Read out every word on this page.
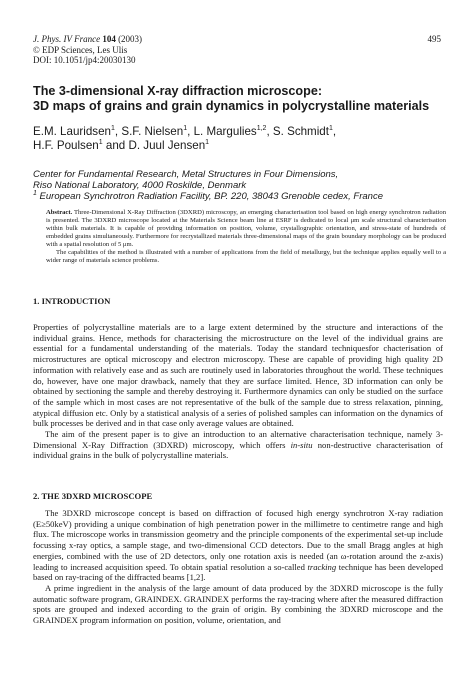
J. Phys. IV France 104 (2003)
© EDP Sciences, Les Ulis
DOI: 10.1051/jp4:20030130
495
The 3-dimensional X-ray diffraction microscope:
3D maps of grains and grain dynamics in polycrystalline materials
E.M. Lauridsen$^1$, S.F. Nielsen$^1$, L. Margulies$^{1,2}$, S. Schmidt$^1$,
H.F. Poulsen$^1$ and D. Juul Jensen$^1$
Center for Fundamental Research, Metal Structures in Four Dimensions,
Riso National Laboratory, 4000 Roskilde, Denmark
$^1$ European Synchrotron Radiation Facility, BP. 220, 38043 Grenoble cedex, France

Abstract. Three-Dimensional X-Ray Diffraction (3DXRD) microscopy, an emerging characterisation tool based on high energy synchrotron radiation is presented. The 3DXRD microscope located at the Materials Science beam line at ESRF is dedicated to local μm scale structural characterisation within bulk materials. It is capable of providing information on position, volume, crystallographic orientation, and stress-state of hundreds of embedded grains simultaneously. Furthermore for recrystallized materials three-dimensional maps of the grain boundary morphology can be produced with a spatial resolution of 5 μm.

The capabilities of the method is illustrated with a number of applications from the field of metallurgy, but the technique applies equally well to a wider range of materials science problems.

1. INTRODUCTION

Properties of polycrystalline materials are to a large extent determined by the structure and interactions of the individual grains. Hence, methods for characterising the microstructure on the level of the individual grains are essential for a fundamental understanding of the materials. Today the standard techniquesfor chacterisation of microstructures are optical microscopy and electron microscopy. These are capable of providing high quality 2D information with relatively ease and as such are routinely used in laboratories throughout the world. These techniques do, however, have one major drawback, namely that they are surface limited. Hence, 3D information can only be obtained by sectioning the sample and thereby destroying it. Furthermore dynamics can only be studied on the surface of the sample which in most cases are not representative of the bulk of the sample due to stress relaxation, pinning, atypical diffusion etc. Only by a statistical analysis of a series of polished samples can information on the dynamics of bulk processes be derived and in that case only average values are obtained.

The aim of the present paper is to give an introduction to an alternative characterisation technique, namely 3-Dimensional X-Ray Diffraction (3DXRD) microscopy, which offers in-situ non-destructive characterisation of individual grains in the bulk of polycrystalline materials.

2. THE 3DXRD MICROSCOPE

The 3DXRD microscope concept is based on diffraction of focused high energy synchrotron X-ray radiation (E≥50keV) providing a unique combination of high penetration power in the millimetre to centimetre range and high flux. The microscope works in transmission geometry and the principle components of the experimental set-up include focussing x-ray optics, a sample stage, and two-dimensional CCD detectors. Due to the small Bragg angles at high energies, combined with the use of 2D detectors, only one rotation axis is needed (an ω-rotation around the z-axis) leading to increased acquisition speed. To obtain spatial resolution a so-called tracking technique has been developed based on ray-tracing of the diffracted beams [1,2].

A prime ingredient in the analysis of the large amount of data produced by the 3DXRD microscope is the fully automatic software program, GRAINDEX. GRAINDEX performs the ray-tracing where after the measured diffraction spots are grouped and indexed according to the grain of origin. By combining the 3DXRD microscope and the GRAINDEX program information on position, volume, orientation, and
